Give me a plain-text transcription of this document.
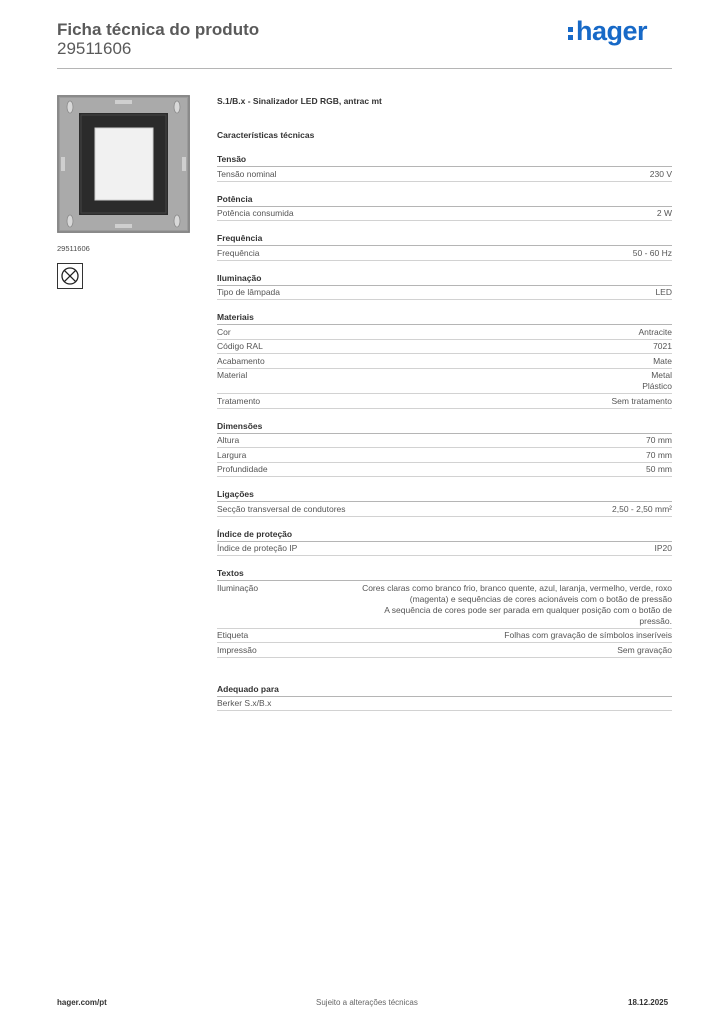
Ficha técnica do produto
29511606
hager
29511606
S.1/B.x - Sinalizador LED RGB, antrac mt
Características técnicas
Tensão
Tensão nominal	230 V
Potência
Potência consumida	2 W
Frequência
Frequência	50 - 60 Hz
Iluminação
Tipo de lâmpada	LED
Materiais
Cor	Antracite
Código RAL	7021
Acabamento	Mate
Material	Metal
Plástico
Tratamento	Sem tratamento
Dimensões
Altura	70 mm
Largura	70 mm
Profundidade	50 mm
Ligações
Secção transversal de condutores	2,50 - 2,50 mm²
Índice de proteção
Índice de proteção IP	IP20
Textos
Iluminação	Cores claras como branco frio, branco quente, azul, laranja, vermelho, verde, roxo (magenta) e sequências de cores acionáveis com o botão de pressão
A sequência de cores pode ser parada em qualquer posição com o botão de pressão.
Etiqueta	Folhas com gravação de símbolos inseríveis
Impressão	Sem gravação
Adequado para
Berker S.x/B.x
hager.com/pt	Sujeito a alterações técnicas	18.12.2025
